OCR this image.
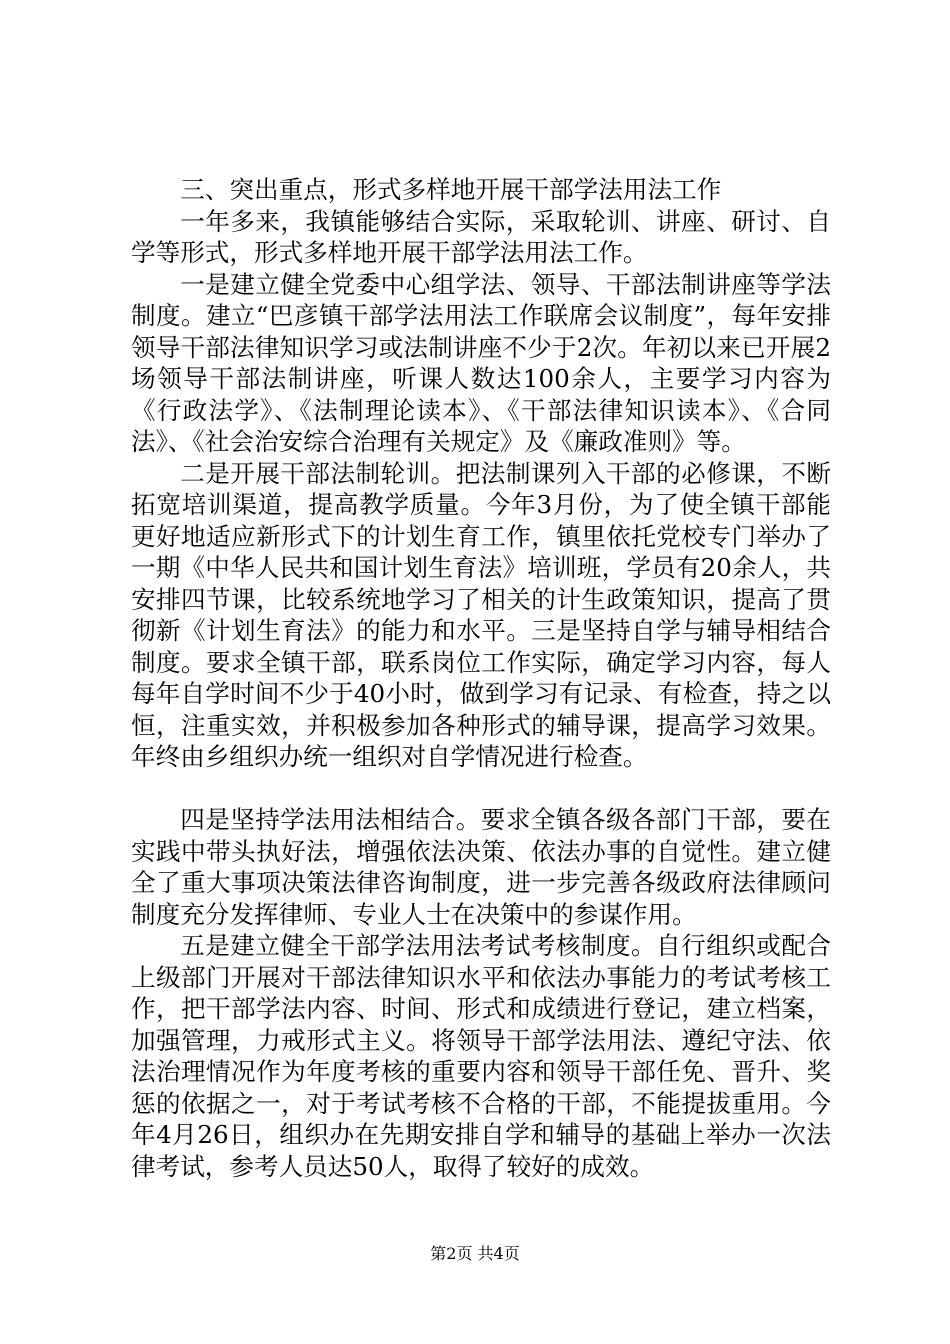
三、突出重点，形式多样地开展干部学法用法工作

一年多来，我镇能够结合实际，采取轮训、讲座、研讨、自学等形式，形式多样地开展干部学法用法工作。

一是建立健全党委中心组学法、领导、干部法制讲座等学法制度。建立“巴彦镇干部学法用法工作联席会议制度”，每年安排领导干部法律知识学习或法制讲座不少于2次。年初以来已开展2场领导干部法制讲座，听课人数达100余人，主要学习内容为《行政法学》、《法制理论读本》、《干部法律知识读本》、《合同法》、《社会治安综合治理有关规定》及《廉政准则》等。

二是开展干部法制轮训。把法制课列入干部的必修课，不断拓宽培训渠道，提高教学质量。今年3月份，为了使全镇干部能更好地适应新形式下的计划生育工作，镇里依托党校专门举办了一期《中华人民共和国计划生育法》培训班，学员有20余人，共安排四节课，比较系统地学习了相关的计生政策知识，提高了贯彻新《计划生育法》的能力和水平。三是坚持自学与辅导相结合制度。要求全镇干部，联系岗位工作实际，确定学习内容，每人每年自学时间不少于40小时，做到学习有记录、有检查，持之以恒，注重实效，并积极参加各种形式的辅导课，提高学习效果。年终由乡组织办统一组织对自学情况进行检查。

四是坚持学法用法相结合。要求全镇各级各部门干部，要在实践中带头执好法，增强依法决策、依法办事的自觉性。建立健全了重大事项决策法律咨询制度，进一步完善各级政府法律顾问制度充分发挥律师、专业人士在决策中的参谋作用。

五是建立健全干部学法用法考试考核制度。自行组织或配合上级部门开展对干部法律知识水平和依法办事能力的考试考核工作，把干部学法内容、时间、形式和成绩进行登记，建立档案，加强管理，力戒形式主义。将领导干部学法用法、遵纪守法、依法治理情况作为年度考核的重要内容和领导干部任免、晋升、奖惩的依据之一，对于考试考核不合格的干部，不能提拔重用。今年4月26日，组织办在先期安排自学和辅导的基础上举办一次法律考试，参考人员达50人，取得了较好的成效。

第2页 共4页
